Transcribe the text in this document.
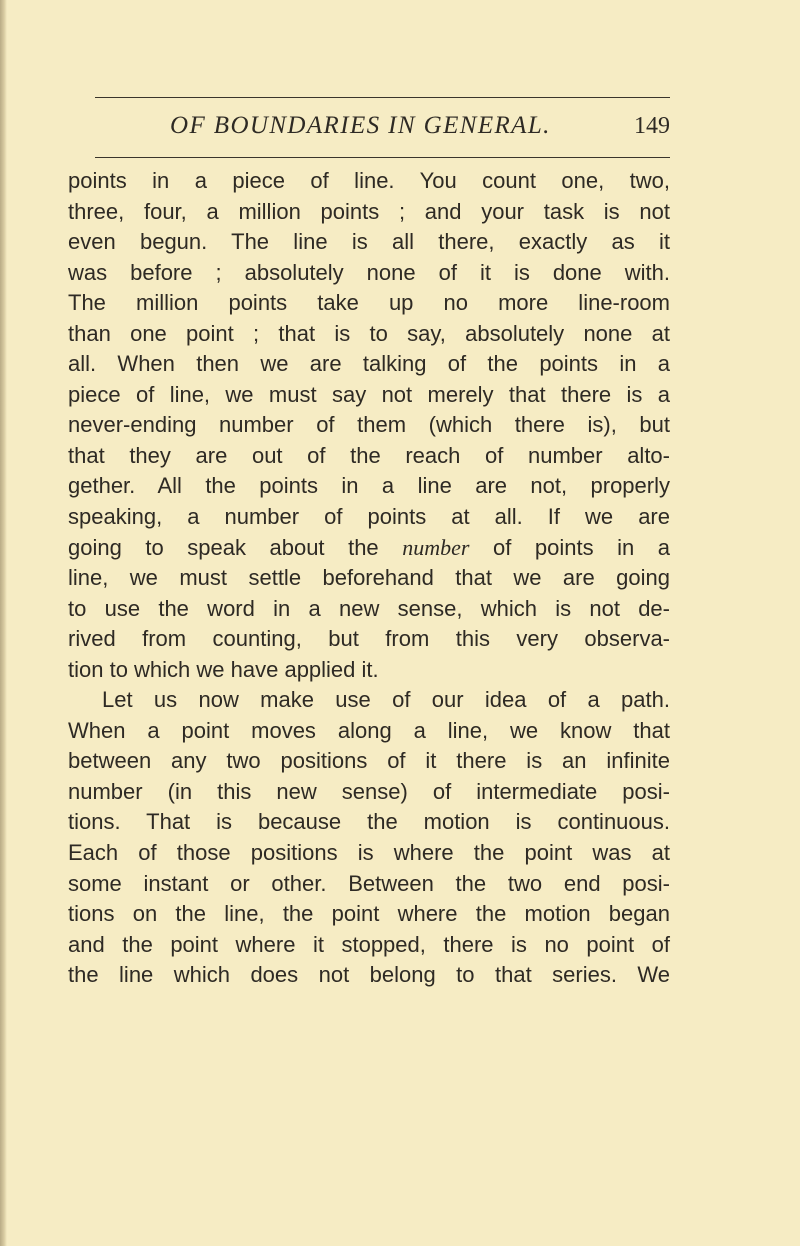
OF BOUNDARIES IN GENERAL.	149
points in a piece of line. You count one, two,
three, four, a million points ; and your task is not
even begun. The line is all there, exactly as it
was before ; absolutely none of it is done with.
The million points take up no more line-room
than one point ; that is to say, absolutely none at
all. When then we are talking of the points in a
piece of line, we must say not merely that there is a
never-ending number of them (which there is), but
that they are out of the reach of number alto-
gether. All the points in a line are not, properly
speaking, a number of points at all. If we are
going to speak about the number of points in a
line, we must settle beforehand that we are going
to use the word in a new sense, which is not de-
rived from counting, but from this very observa-
tion to which we have applied it.
Let us now make use of our idea of a path.
When a point moves along a line, we know that
between any two positions of it there is an infinite
number (in this new sense) of intermediate posi-
tions. That is because the motion is continuous.
Each of those positions is where the point was at
some instant or other. Between the two end posi-
tions on the line, the point where the motion began
and the point where it stopped, there is no point of
the line which does not belong to that series. We
